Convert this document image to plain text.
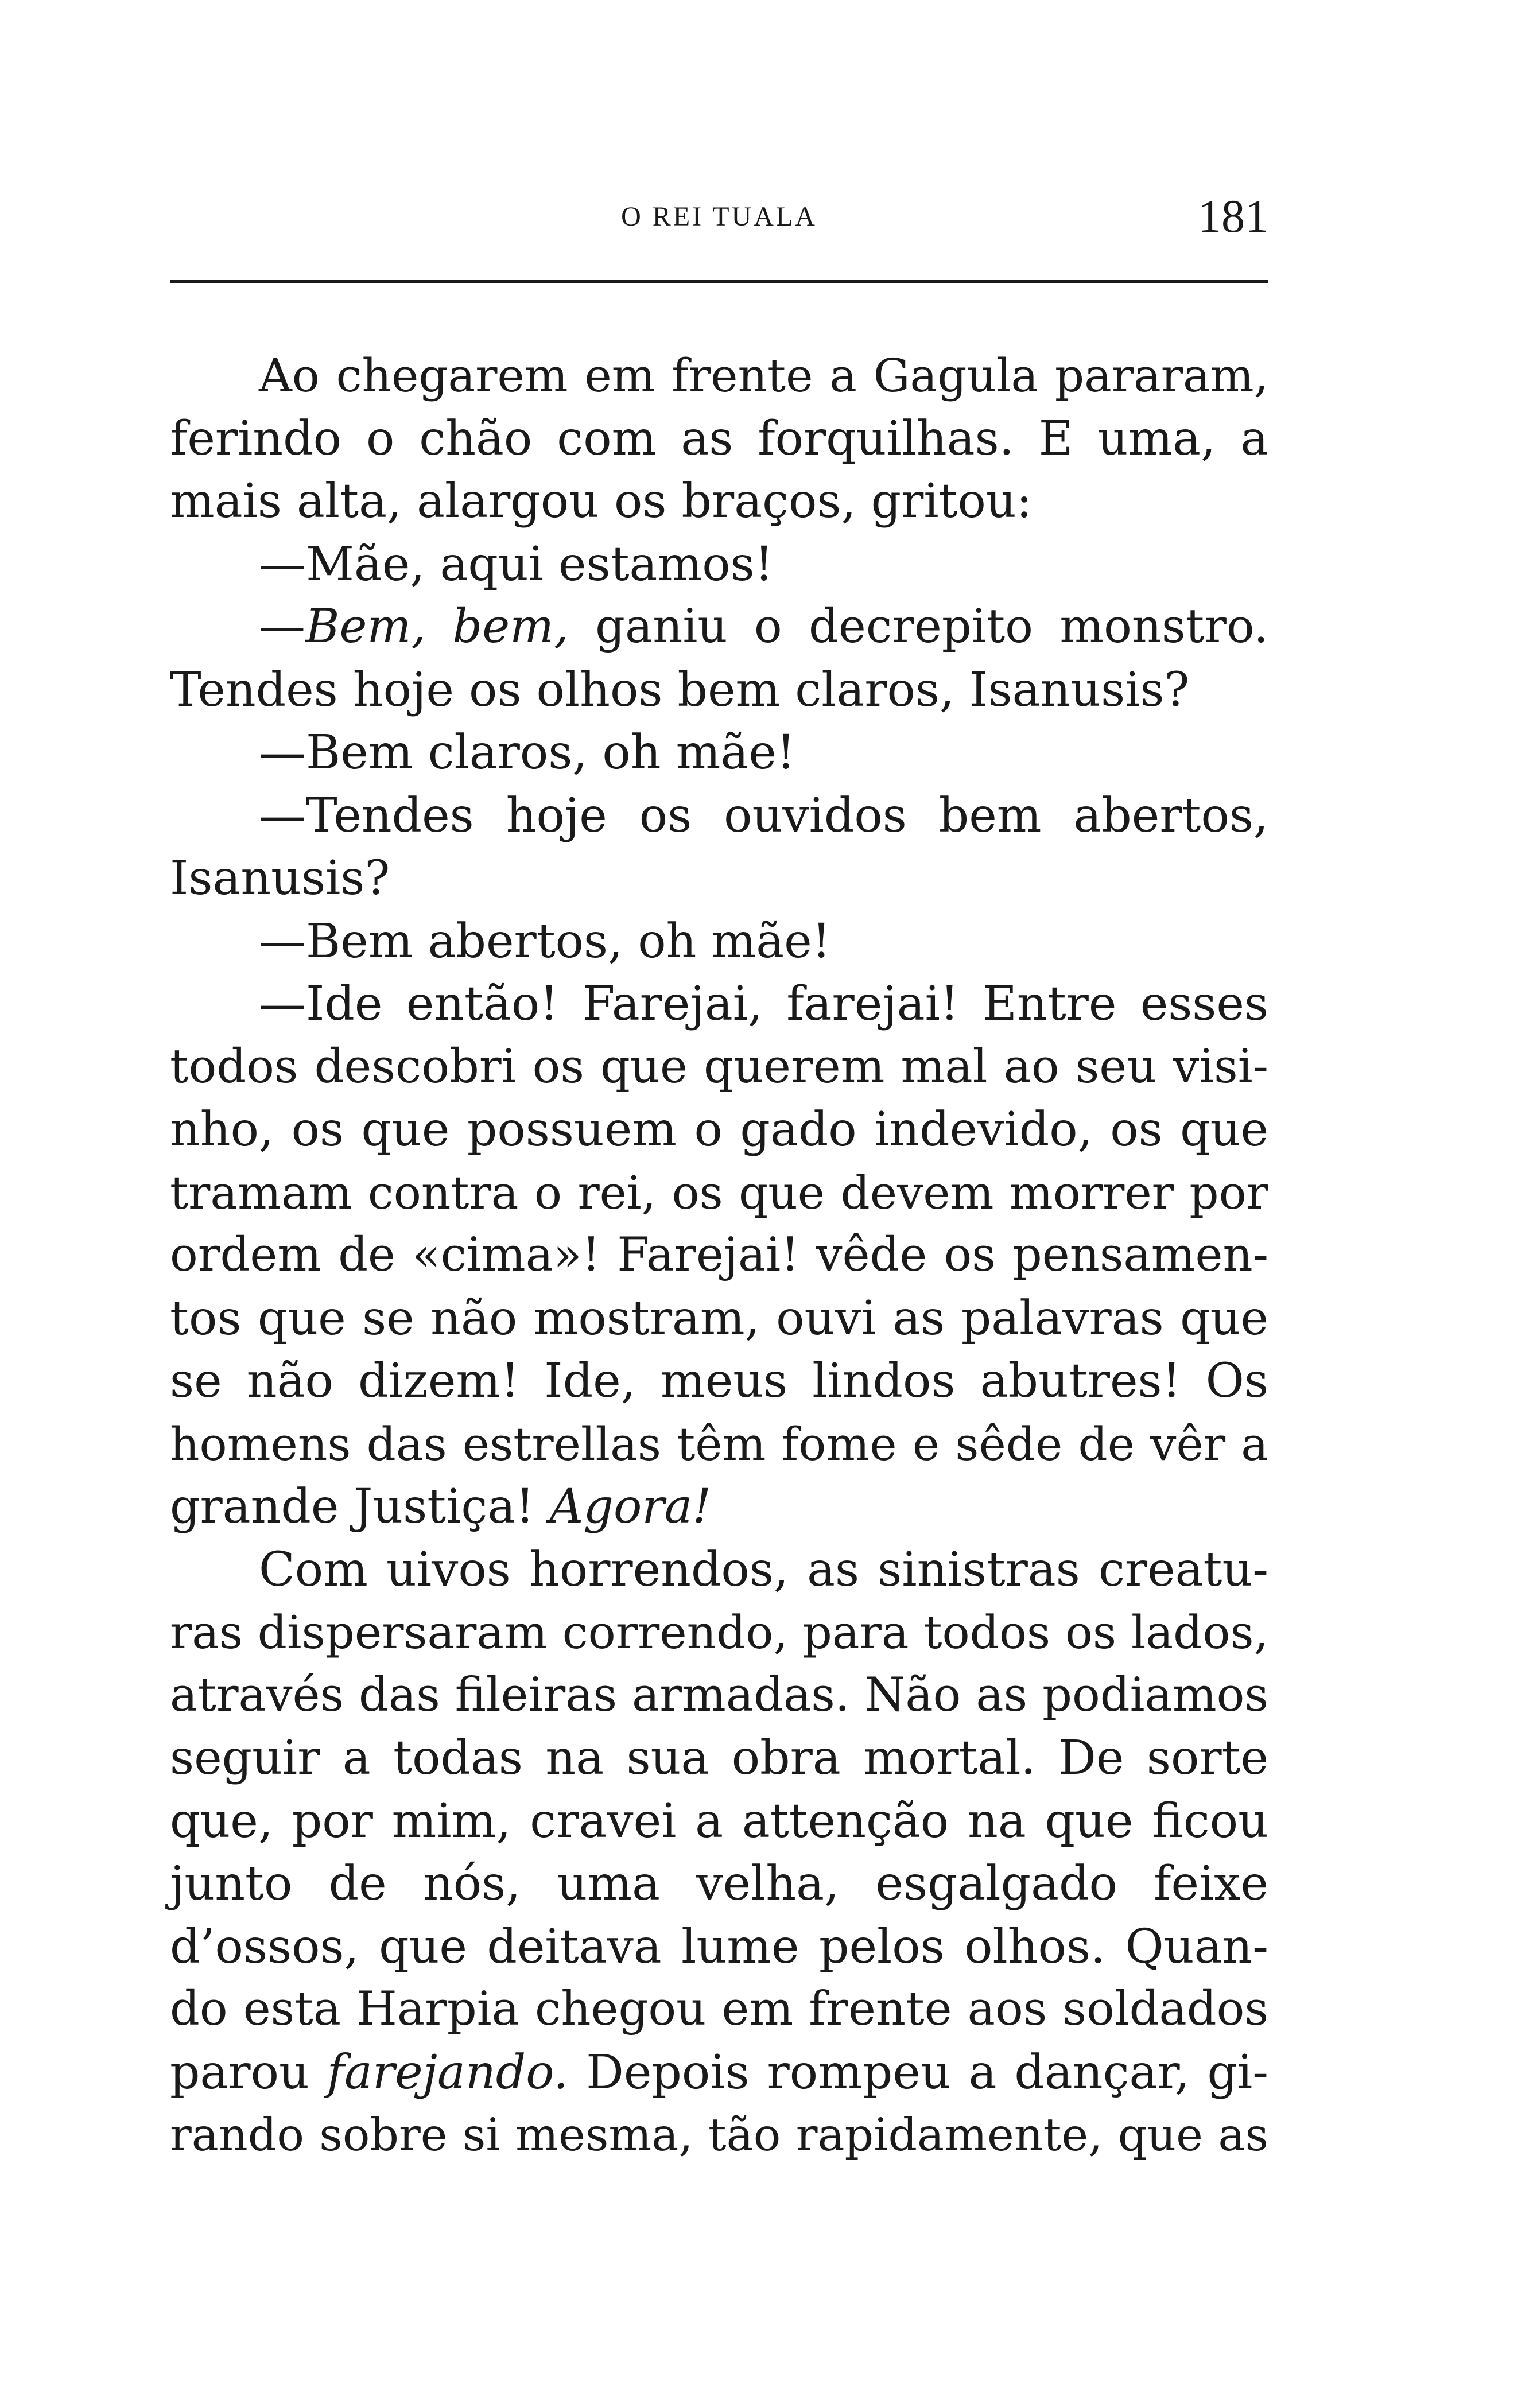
O REI TUALA	181
Ao chegarem em frente a Gagula pararam,
ferindo o chão com as forquilhas. E uma, a
mais alta, alargou os braços, gritou:
—Mãe, aqui estamos!
—Bem, bem, ganiu o decrepito monstro.
Tendes hoje os olhos bem claros, Isanusis?
—Bem claros, oh mãe!
—Tendes hoje os ouvidos bem abertos,
Isanusis?
—Bem abertos, oh mãe!
—Ide então! Farejai, farejai! Entre esses
todos descobri os que querem mal ao seu visi-
nho, os que possuem o gado indevido, os que
tramam contra o rei, os que devem morrer por
ordem de «cima»! Farejai! vêde os pensamen-
tos que se não mostram, ouvi as palavras que
se não dizem! Ide, meus lindos abutres! Os
homens das estrellas têm fome e sêde de vêr a
grande Justiça! Agora!
Com uivos horrendos, as sinistras creatu-
ras dispersaram correndo, para todos os lados,
através das fileiras armadas. Não as podiamos
seguir a todas na sua obra mortal. De sorte
que, por mim, cravei a attenção na que ficou
junto de nós, uma velha, esgalgado feixe
d’ossos, que deitava lume pelos olhos. Quan-
do esta Harpia chegou em frente aos soldados
parou farejando. Depois rompeu a dançar, gi-
rando sobre si mesma, tão rapidamente, que as
